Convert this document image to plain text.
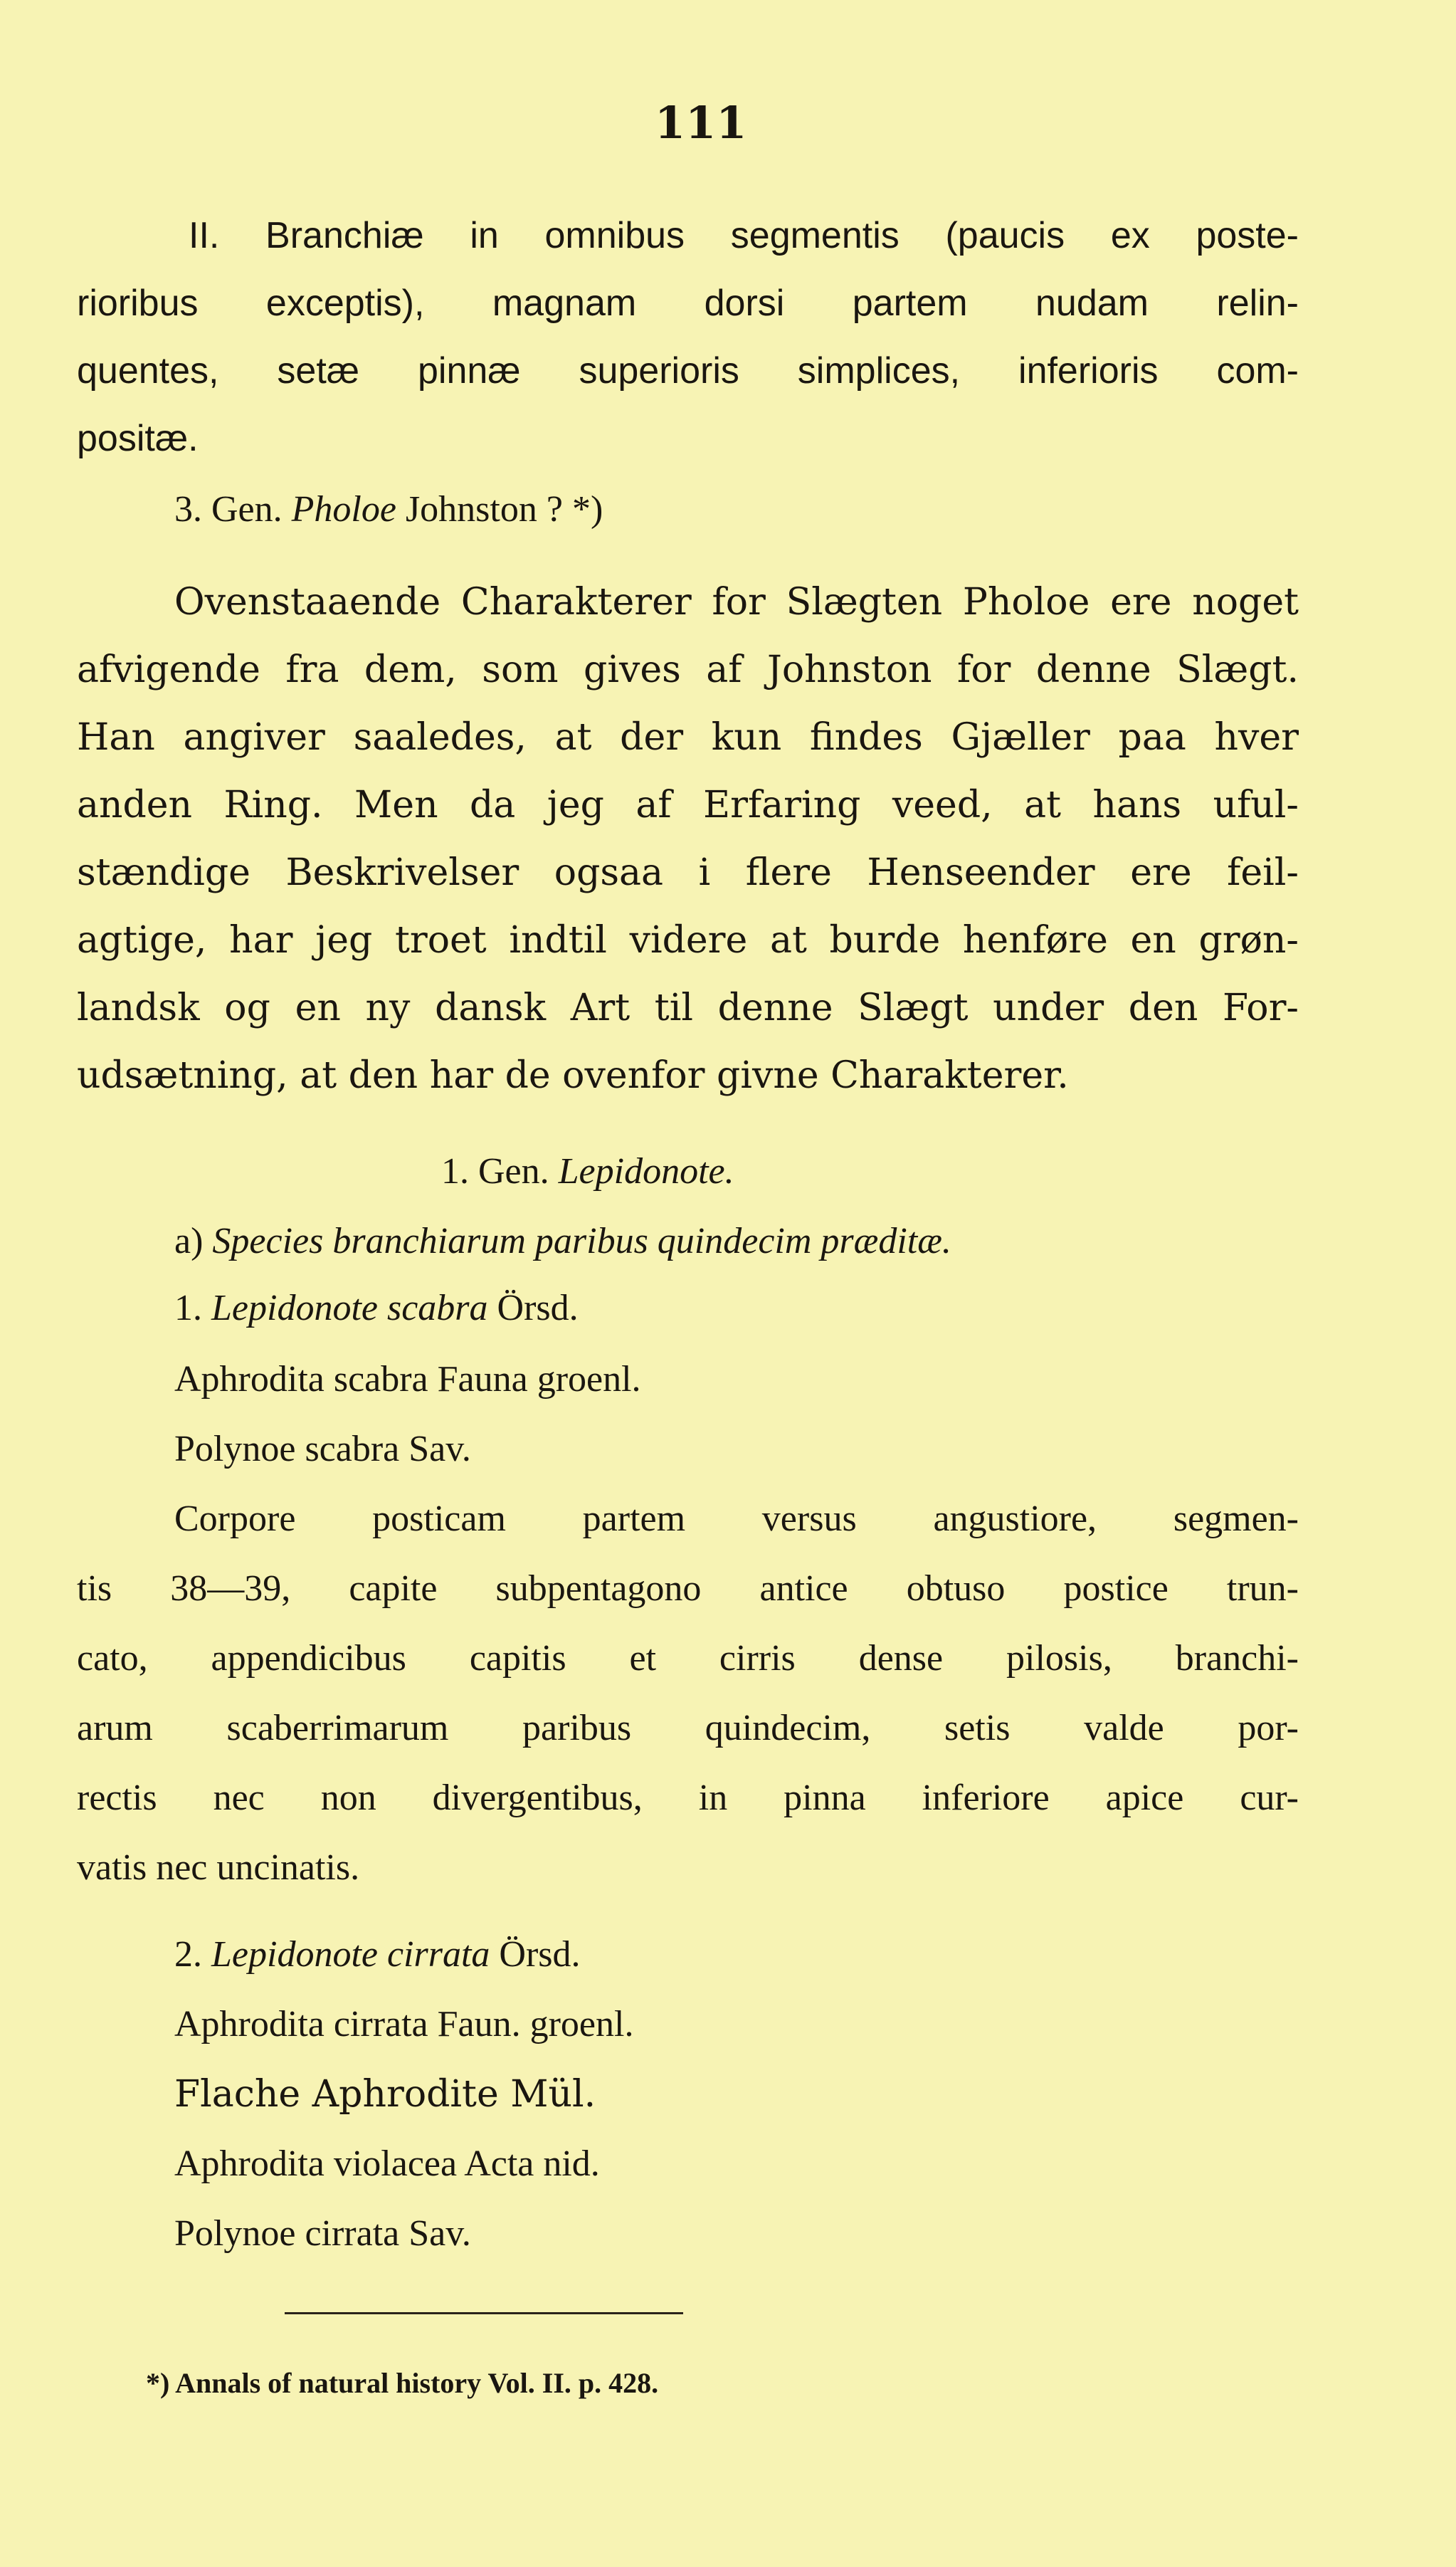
111
II. Branchiæ in omnibus segmentis (paucis ex poste-
rioribus exceptis), magnam dorsi partem nudam relin-
quentes, setæ pinnæ superioris simplices, inferioris com-
positæ.
3. Gen. Pholoe Johnston ? *)
Ovenstaaende Charakterer for Slægten Pholoe ere noget
afvigende fra dem, som gives af Johnston for denne Slægt.
Han angiver saaledes, at der kun findes Gjæller paa hver
anden Ring. Men da jeg af Erfaring veed, at hans uful-
stændige Beskrivelser ogsaa i flere Henseender ere feil-
agtige, har jeg troet indtil videre at burde henføre en grøn-
landsk og en ny dansk Art til denne Slægt under den For-
udsætning, at den har de ovenfor givne Charakterer.
1. Gen. Lepidonote.
a) Species branchiarum paribus quindecim præditæ.
1. Lepidonote scabra Örsd.
Aphrodita scabra Fauna groenl.
Polynoe scabra Sav.
Corpore posticam partem versus angustiore, segmen-
tis 38—39, capite subpentagono antice obtuso postice trun-
cato, appendicibus capitis et cirris dense pilosis, branchi-
arum scaberrimarum paribus quindecim, setis valde por-
rectis nec non divergentibus, in pinna inferiore apice cur-
vatis nec uncinatis.
2. Lepidonote cirrata Örsd.
Aphrodita cirrata Faun. groenl.
Flache Aphrodite Mül.
Aphrodita violacea Acta nid.
Polynoe cirrata Sav.
*) Annals of natural history Vol. II. p. 428.
